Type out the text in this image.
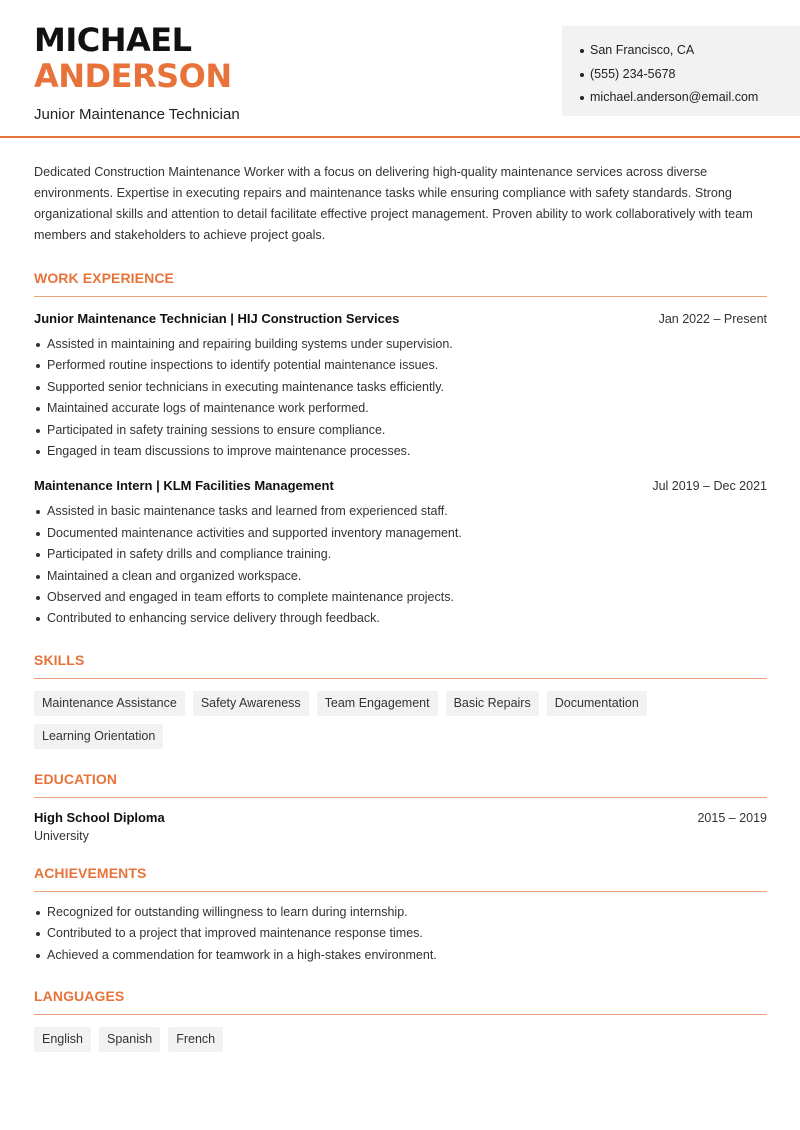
MICHAEL
ANDERSON
Junior Maintenance Technician
San Francisco, CA
(555) 234-5678
michael.anderson@email.com

Dedicated Construction Maintenance Worker with a focus on delivering high-quality maintenance services across diverse environments. Expertise in executing repairs and maintenance tasks while ensuring compliance with safety standards. Strong organizational skills and attention to detail facilitate effective project management. Proven ability to work collaboratively with team members and stakeholders to achieve project goals.

WORK EXPERIENCE
Junior Maintenance Technician | HIJ Construction Services	Jan 2022 – Present
Assisted in maintaining and repairing building systems under supervision.
Performed routine inspections to identify potential maintenance issues.
Supported senior technicians in executing maintenance tasks efficiently.
Maintained accurate logs of maintenance work performed.
Participated in safety training sessions to ensure compliance.
Engaged in team discussions to improve maintenance processes.
Maintenance Intern | KLM Facilities Management	Jul 2019 – Dec 2021
Assisted in basic maintenance tasks and learned from experienced staff.
Documented maintenance activities and supported inventory management.
Participated in safety drills and compliance training.
Maintained a clean and organized workspace.
Observed and engaged in team efforts to complete maintenance projects.
Contributed to enhancing service delivery through feedback.
SKILLS
Maintenance Assistance	Safety Awareness	Team Engagement	Basic Repairs	Documentation
Learning Orientation
EDUCATION
High School Diploma	2015 – 2019
University
ACHIEVEMENTS
Recognized for outstanding willingness to learn during internship.
Contributed to a project that improved maintenance response times.
Achieved a commendation for teamwork in a high-stakes environment.
LANGUAGES
English	Spanish	French
